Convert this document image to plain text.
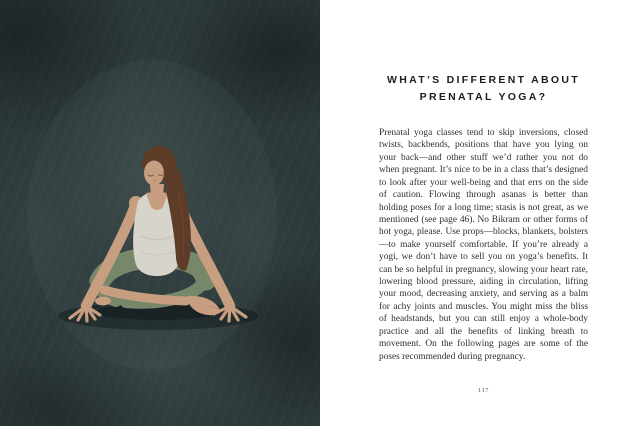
WHAT’S DIFFERENT ABOUT
PRENATAL YOGA?

Prenatal yoga classes tend to skip inversions, closed twists, backbends, positions that have you lying on your back—and other stuff we’d rather you not do when pregnant. It’s nice to be in a class that’s designed to look after your well-being and that errs on the side of caution. Flowing through asanas is better than holding poses for a long time; stasis is not great, as we mentioned (see page 46). No Bikram or other forms of hot yoga, please. Use props—blocks, blankets, bolsters—to make yourself comfortable. If you’re already a yogi, we don’t have to sell you on yoga’s benefits. It can be so helpful in pregnancy, slowing your heart rate, lowering blood pressure, aiding in circulation, lifting your mood, decreasing anxiety, and serving as a balm for achy joints and muscles. You might miss the bliss of headstands, but you can still enjoy a whole-body practice and all the benefits of linking breath to movement. On the following pages are some of the poses recommended during pregnancy.

117
